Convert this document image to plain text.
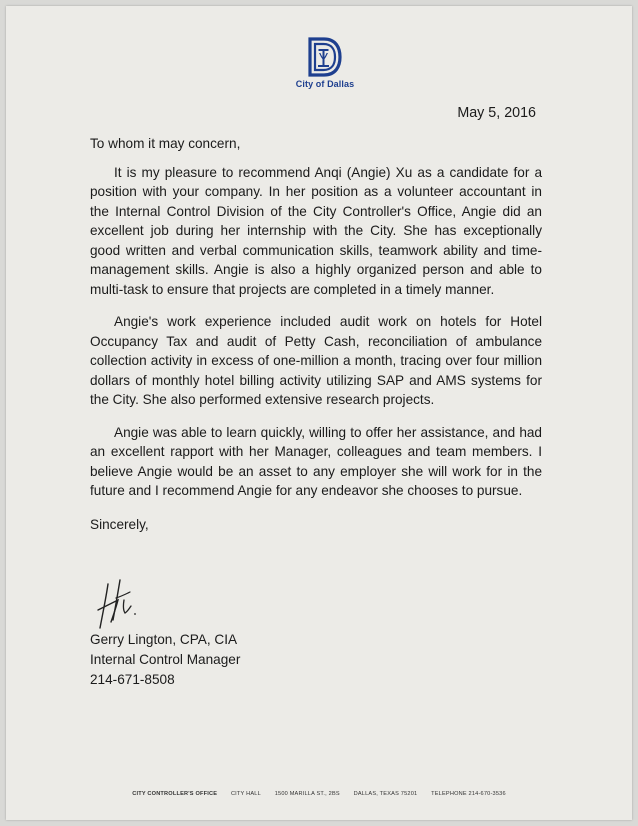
City of Dallas
May 5, 2016

To whom it may concern,

It is my pleasure to recommend Anqi (Angie) Xu as a candidate for a position with your company. In her position as a volunteer accountant in the Internal Control Division of the City Controller's Office, Angie did an excellent job during her internship with the City. She has exceptionally good written and verbal communication skills, teamwork ability and time-management skills. Angie is also a highly organized person and able to multi-task to ensure that projects are completed in a timely manner.

Angie's work experience included audit work on hotels for Hotel Occupancy Tax and audit of Petty Cash, reconciliation of ambulance collection activity in excess of one-million a month, tracing over four million dollars of monthly hotel billing activity utilizing SAP and AMS systems for the City. She also performed extensive research projects.

Angie was able to learn quickly, willing to offer her assistance, and had an excellent rapport with her Manager, colleagues and team members. I believe Angie would be an asset to any employer she will work for in the future and I recommend Angie for any endeavor she chooses to pursue.

Sincerely,

Gerry Lington, CPA, CIA
Internal Control Manager
214-671-8508
CITY CONTROLLER'S OFFICE CITY HALL 1500 MARILLA ST., 2BS DALLAS, TEXAS 75201 TELEPHONE 214-670-3536
